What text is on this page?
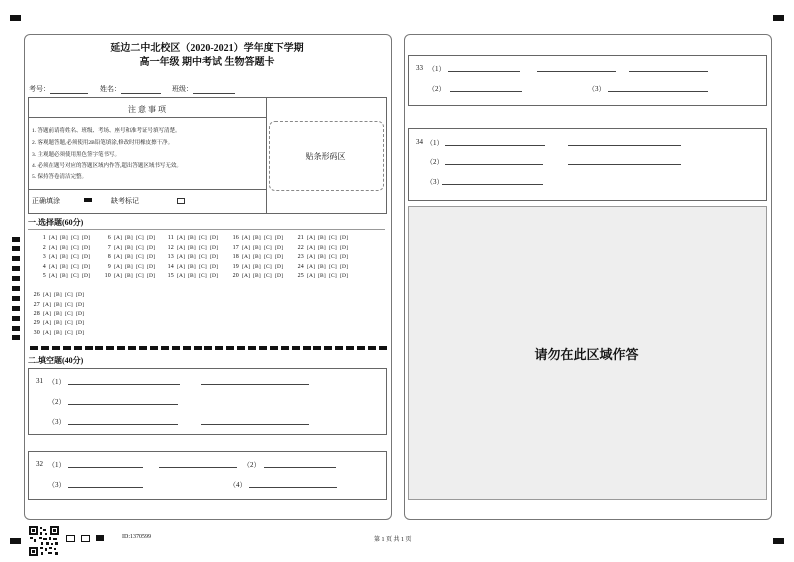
延边二中北校区（2020-2021）学年度下学期
高一年级 期中考试 生物答题卡
考号：	姓名：	班级：
注 意 事 项
1. 答题前请将姓名、班级、考场、座号和准考证号填写清楚。
2. 客观题答题,必须使用2B铅笔填涂,修改时用橡皮擦干净。
3. 主观题必须使用黑色签字笔书写。
4. 必须在题号对应的答题区域内作答,超出答题区域书写无效。
5. 保持答卷清洁完整。
贴条形码区
正确填涂	缺考标记
一.选择题(60分)
1 [A] [B] [C] [D]
2 [A] [B] [C] [D]
3 [A] [B] [C] [D]
4 [A] [B] [C] [D]
5 [A] [B] [C] [D]
6 [A] [B] [C] [D]
7 [A] [B] [C] [D]
8 [A] [B] [C] [D]
9 [A] [B] [C] [D]
10 [A] [B] [C] [D]
11 [A] [B] [C] [D]
12 [A] [B] [C] [D]
13 [A] [B] [C] [D]
14 [A] [B] [C] [D]
15 [A] [B] [C] [D]
16 [A] [B] [C] [D]
17 [A] [B] [C] [D]
18 [A] [B] [C] [D]
19 [A] [B] [C] [D]
20 [A] [B] [C] [D]
21 [A] [B] [C] [D]
22 [A] [B] [C] [D]
23 [A] [B] [C] [D]
24 [A] [B] [C] [D]
25 [A] [B] [C] [D]
26 [A] [B] [C] [D]
27 [A] [B] [C] [D]
28 [A] [B] [C] [D]
29 [A] [B] [C] [D]
30 [A] [B] [C] [D]
二.填空题(40分)
31 （1）
（2）
（3）
32 （1）	（2）
（3）	（4）
33 （1）
（2）	（3）
34 （1）
（2）
（3）
请勿在此区域作答
ID:1370599	第 1 页 共 1 页
